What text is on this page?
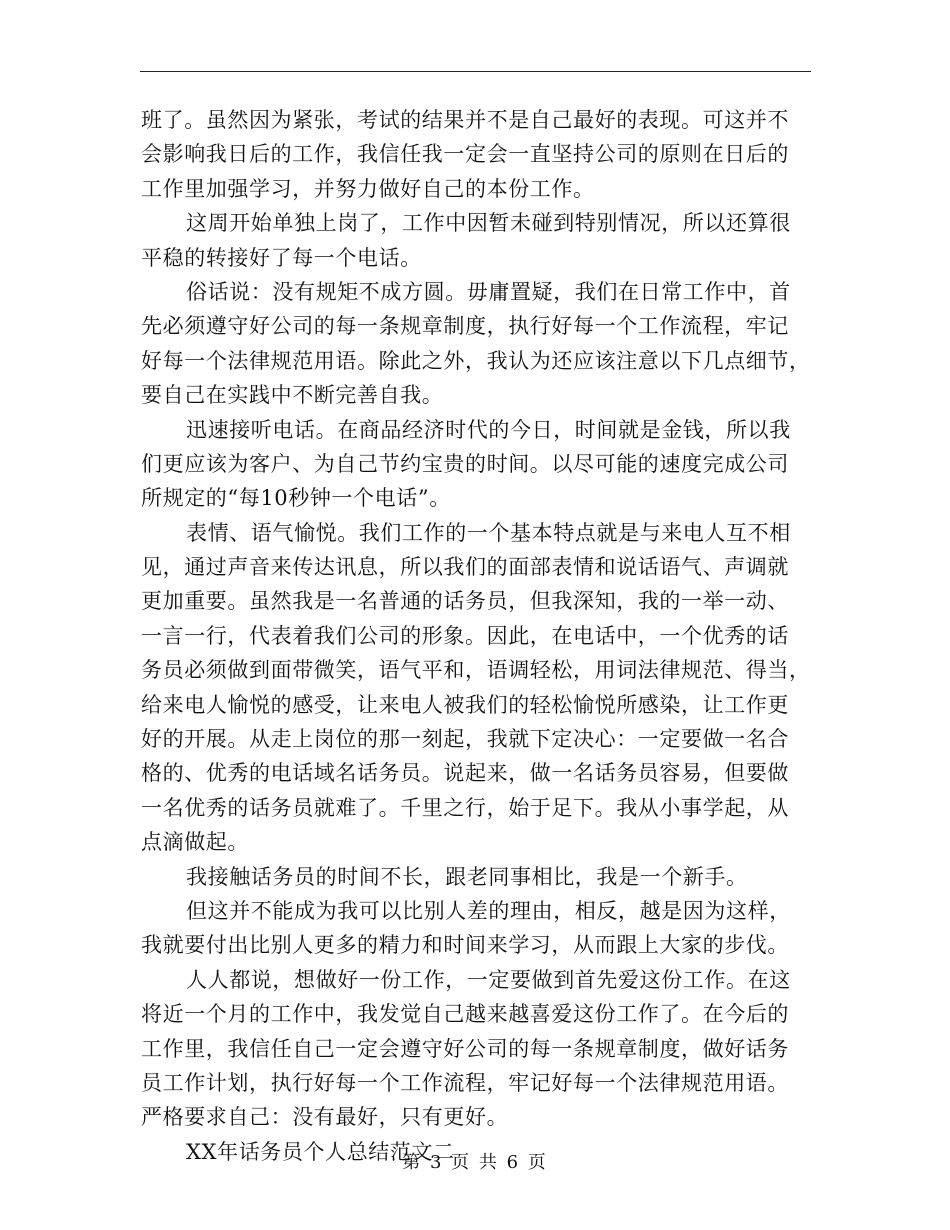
班了。虽然因为紧张，考试的结果并不是自己最好的表现。可这并不
会影响我日后的工作，我信任我一定会一直坚持公司的原则在日后的
工作里加强学习，并努力做好自己的本份工作。
这周开始单独上岗了，工作中因暂未碰到特别情况，所以还算很
平稳的转接好了每一个电话。
俗话说：没有规矩不成方圆。毋庸置疑，我们在日常工作中，首
先必须遵守好公司的每一条规章制度，执行好每一个工作流程，牢记
好每一个法律规范用语。除此之外，我认为还应该注意以下几点细节，
要自己在实践中不断完善自我。
迅速接听电话。在商品经济时代的今日，时间就是金钱，所以我
们更应该为客户、为自己节约宝贵的时间。以尽可能的速度完成公司
所规定的“每10秒钟一个电话”。
表情、语气愉悦。我们工作的一个基本特点就是与来电人互不相
见，通过声音来传达讯息，所以我们的面部表情和说话语气、声调就
更加重要。虽然我是一名普通的话务员，但我深知，我的一举一动、
一言一行，代表着我们公司的形象。因此，在电话中，一个优秀的话
务员必须做到面带微笑，语气平和，语调轻松，用词法律规范、得当，
给来电人愉悦的感受，让来电人被我们的轻松愉悦所感染，让工作更
好的开展。从走上岗位的那一刻起，我就下定决心：一定要做一名合
格的、优秀的电话域名话务员。说起来，做一名话务员容易，但要做
一名优秀的话务员就难了。千里之行，始于足下。我从小事学起，从
点滴做起。
我接触话务员的时间不长，跟老同事相比，我是一个新手。
但这并不能成为我可以比别人差的理由，相反，越是因为这样，
我就要付出比别人更多的精力和时间来学习，从而跟上大家的步伐。
人人都说，想做好一份工作，一定要做到首先爱这份工作。在这
将近一个月的工作中，我发觉自己越来越喜爱这份工作了。在今后的
工作里，我信任自己一定会遵守好公司的每一条规章制度，做好话务
员工作计划，执行好每一个工作流程，牢记好每一个法律规范用语。
严格要求自己：没有最好，只有更好。
XX年话务员个人总结范文二
第 3 页 共 6 页
